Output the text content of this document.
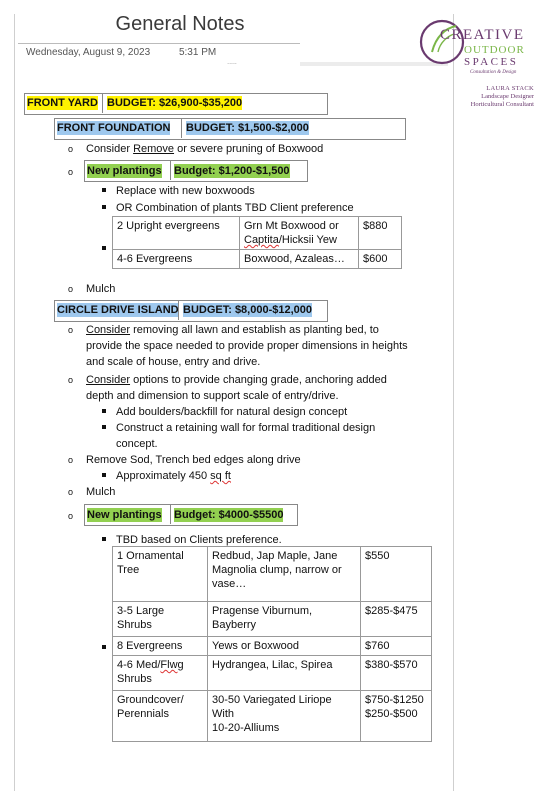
General Notes
Wednesday, August 9, 2023	5:31 PM
.....
CREATIVE
OUTDOOR
SPACES
Consultation & Design
LAURA STACK
Landscape Designer
Horticultural Consultant
FRONT YARD BUDGET: $26,900-$35,200
FRONT FOUNDATION BUDGET: $1,500-$2,000
o Consider Remove or severe pruning of Boxwood
o New plantings Budget: $1,200-$1,500
Replace with new boxwoods
OR Combination of plants TBD Client preference
2 Upright evergreens	Grn Mt Boxwood or
Captita/Hicksii Yew	$880
4-6 Evergreens	Boxwood, Azaleas…	$600
o Mulch
CIRCLE DRIVE ISLAND BUDGET: $8,000-$12,000
o Consider removing all lawn and establish as planting bed, to
provide the space needed to provide proper dimensions in heights
and scale of house, entry and drive.
o Consider options to provide changing grade, anchoring added
depth and dimension to support scale of entry/drive.
Add boulders/backfill for natural design concept
Construct a retaining wall for formal traditional design
concept.
o Remove Sod, Trench bed edges along drive
Approximately 450 sq ft
o Mulch
o New plantings Budget: $4000-$5500
TBD based on Clients preference.
1 Ornamental
Tree	Redbud, Jap Maple, Jane
Magnolia clump, narrow or
vase…	$550
3-5 Large
Shrubs	Pragense Viburnum,
Bayberry	$285-$475
8 Evergreens	Yews or Boxwood	$760
4-6 Med/Flwg
Shrubs	Hydrangea, Lilac, Spirea	$380-$570
Groundcover/
Perennials	30-50 Variegated Liriope
With
10-20-Alliums	$750-$1250
$250-$500
